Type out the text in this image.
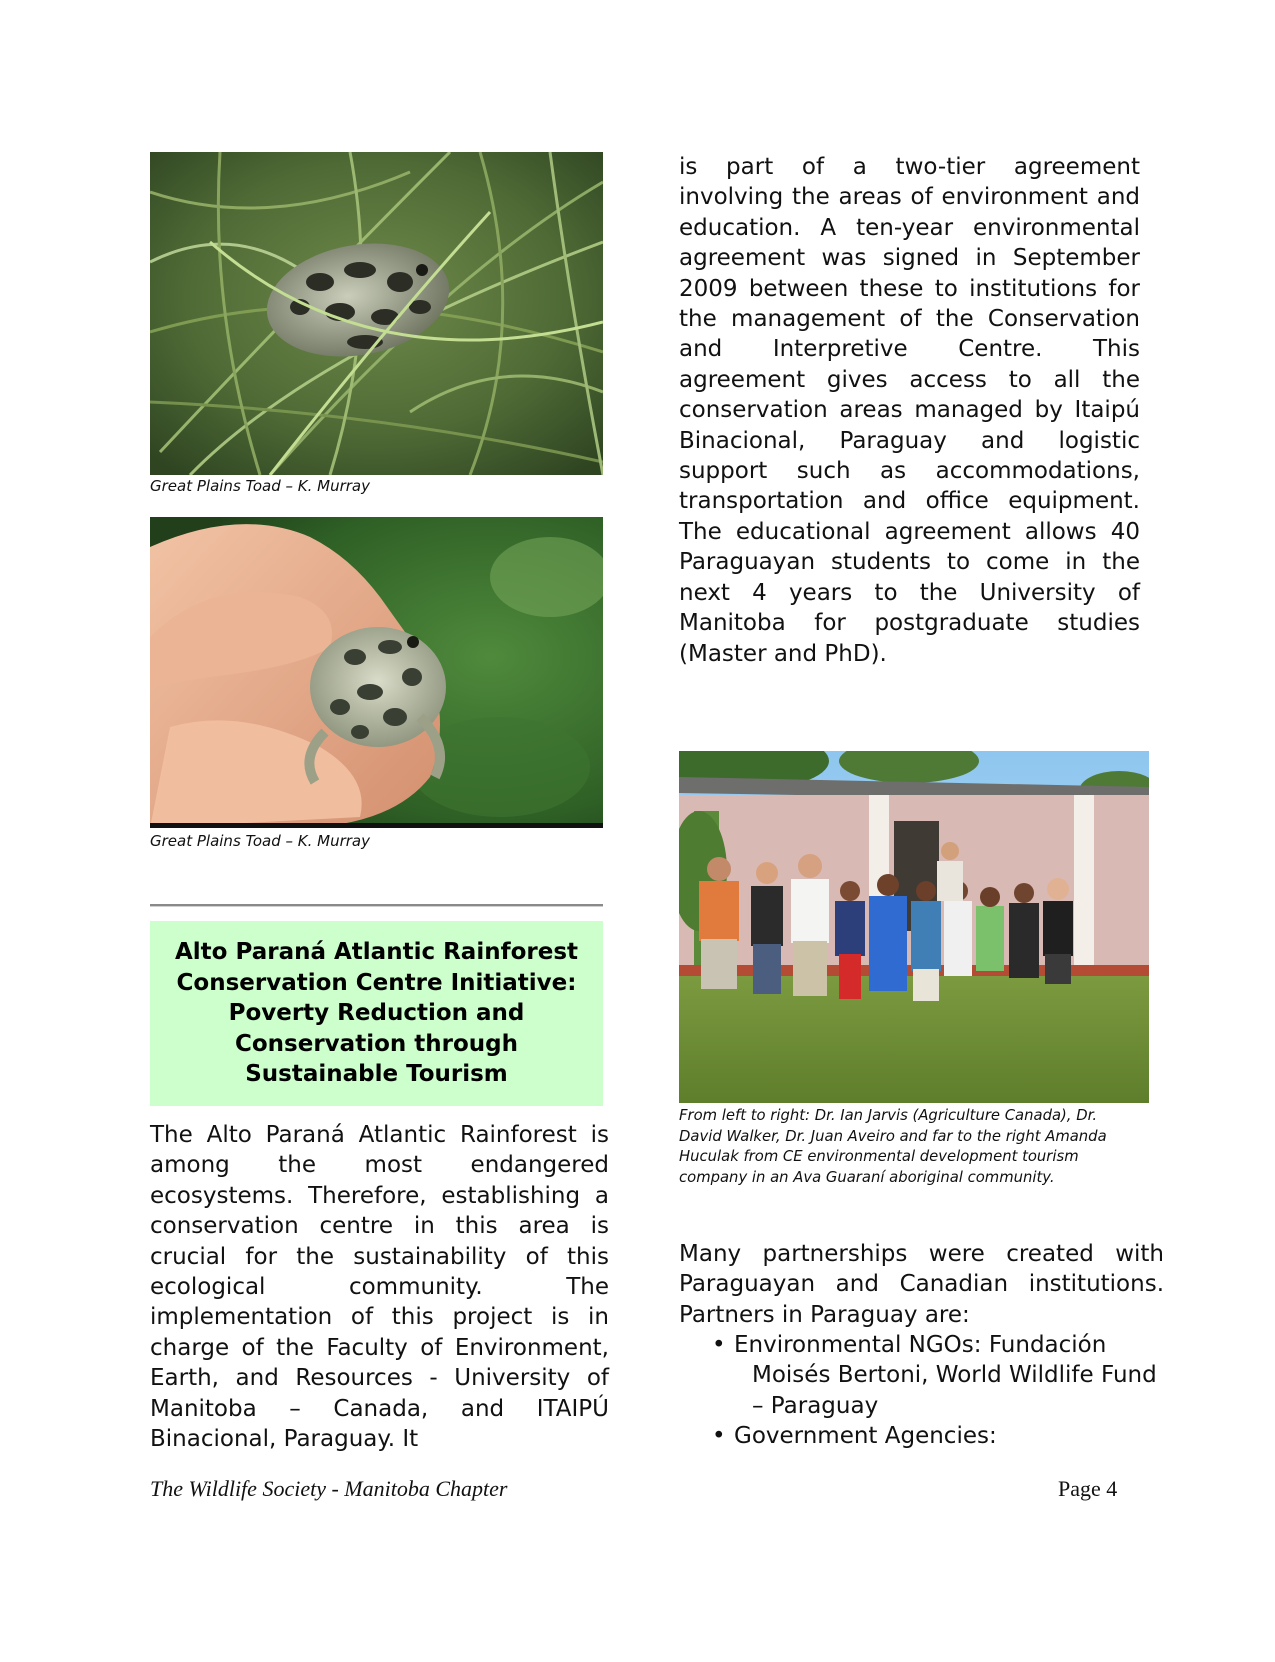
Great Plains Toad – K. Murray
Great Plains Toad – K. Murray
Alto Paraná Atlantic Rainforest Conservation Centre Initiative: Poverty Reduction and Conservation through Sustainable Tourism

The Alto Paraná Atlantic Rainforest is among the most endangered ecosystems. Therefore, establishing a conservation centre in this area is crucial for the sustainability of this ecological community. The implementation of this project is in charge of the Faculty of Environment, Earth, and Resources - University of Manitoba – Canada, and ITAIPÚ Binacional, Paraguay. It

is part of a two-tier agreement involving the areas of environment and education. A ten-year environmental agreement was signed in September 2009 between these to institutions for the management of the Conservation and Interpretive Centre. This agreement gives access to all the conservation areas managed by Itaipú Binacional, Paraguay and logistic support such as accommodations, transportation and office equipment. The educational agreement allows 40 Paraguayan students to come in the next 4 years to the University of Manitoba for postgraduate studies (Master and PhD).

From left to right: Dr. Ian Jarvis (Agriculture Canada), Dr. David Walker, Dr. Juan Aveiro and far to the right Amanda Huculak from CE environmental development tourism company in an Ava Guaraní aboriginal community.

Many partnerships were created with Paraguayan and Canadian institutions. Partners in Paraguay are:

• Environmental NGOs: Fundación
Moisés Bertoni, World Wildlife Fund – Paraguay
• Government Agencies:
The Wildlife Society - Manitoba Chapter	Page 4
